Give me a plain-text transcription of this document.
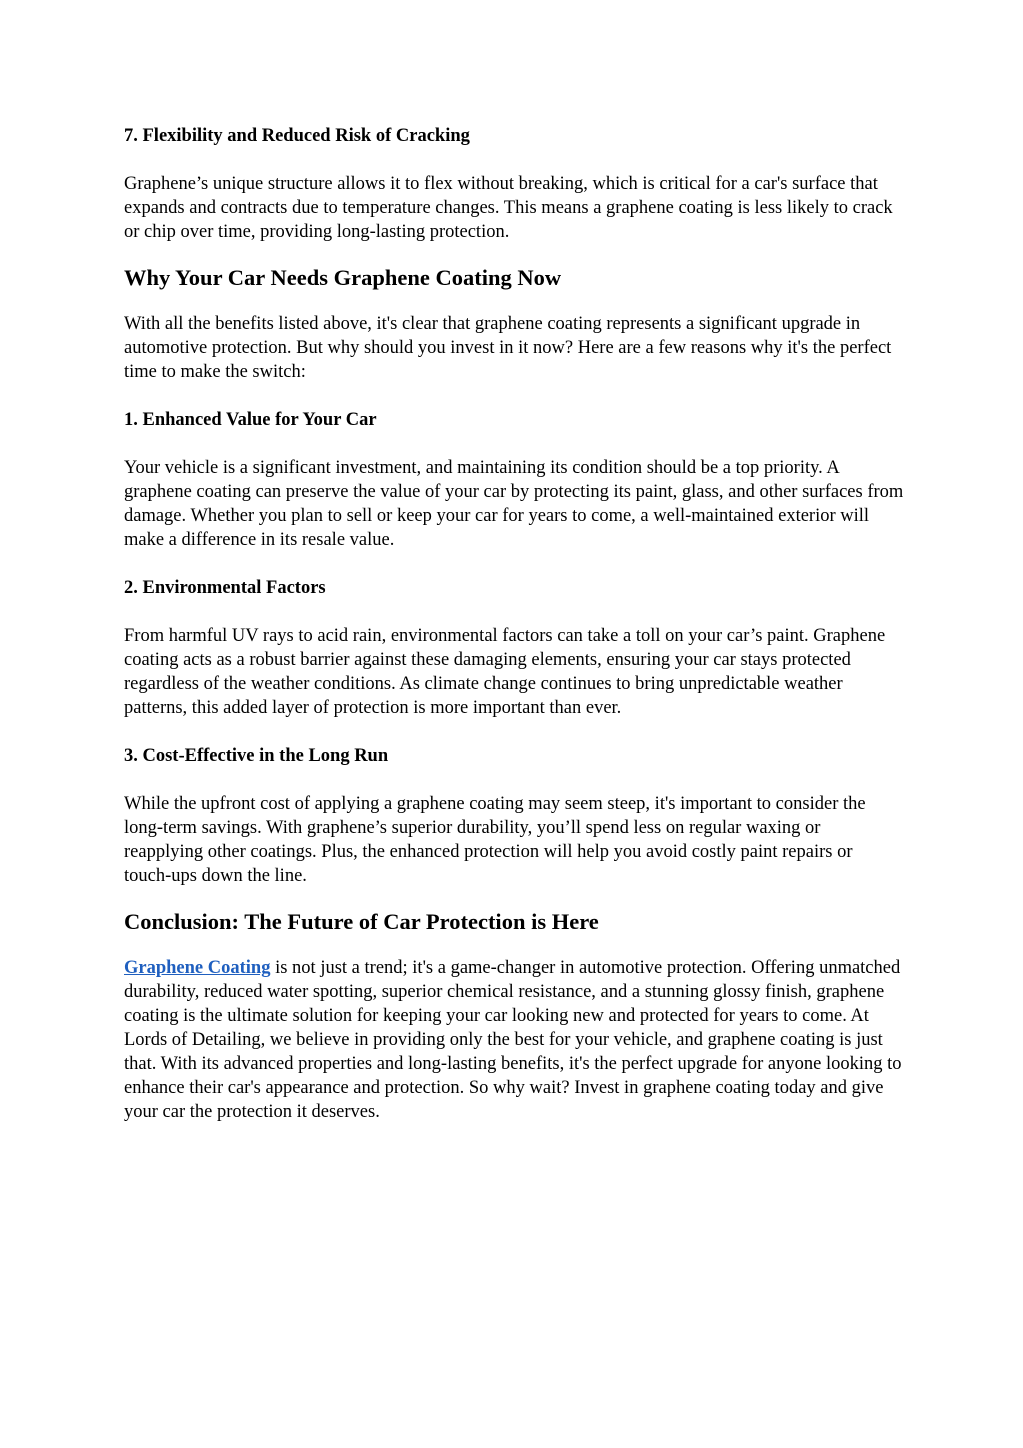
7. Flexibility and Reduced Risk of Cracking

Graphene’s unique structure allows it to flex without breaking, which is critical for a car's surface that expands and contracts due to temperature changes. This means a graphene coating is less likely to crack or chip over time, providing long-lasting protection.

Why Your Car Needs Graphene Coating Now

With all the benefits listed above, it's clear that graphene coating represents a significant upgrade in automotive protection. But why should you invest in it now? Here are a few reasons why it's the perfect time to make the switch:

1. Enhanced Value for Your Car

Your vehicle is a significant investment, and maintaining its condition should be a top priority. A graphene coating can preserve the value of your car by protecting its paint, glass, and other surfaces from damage. Whether you plan to sell or keep your car for years to come, a well-maintained exterior will make a difference in its resale value.

2. Environmental Factors

From harmful UV rays to acid rain, environmental factors can take a toll on your car’s paint. Graphene coating acts as a robust barrier against these damaging elements, ensuring your car stays protected regardless of the weather conditions. As climate change continues to bring unpredictable weather patterns, this added layer of protection is more important than ever.

3. Cost-Effective in the Long Run

While the upfront cost of applying a graphene coating may seem steep, it's important to consider the long-term savings. With graphene’s superior durability, you’ll spend less on regular waxing or reapplying other coatings. Plus, the enhanced protection will help you avoid costly paint repairs or touch-ups down the line.

Conclusion: The Future of Car Protection is Here

Graphene Coating is not just a trend; it's a game-changer in automotive protection. Offering unmatched durability, reduced water spotting, superior chemical resistance, and a stunning glossy finish, graphene coating is the ultimate solution for keeping your car looking new and protected for years to come. At Lords of Detailing, we believe in providing only the best for your vehicle, and graphene coating is just that. With its advanced properties and long-lasting benefits, it's the perfect upgrade for anyone looking to enhance their car's appearance and protection. So why wait? Invest in graphene coating today and give your car the protection it deserves.
